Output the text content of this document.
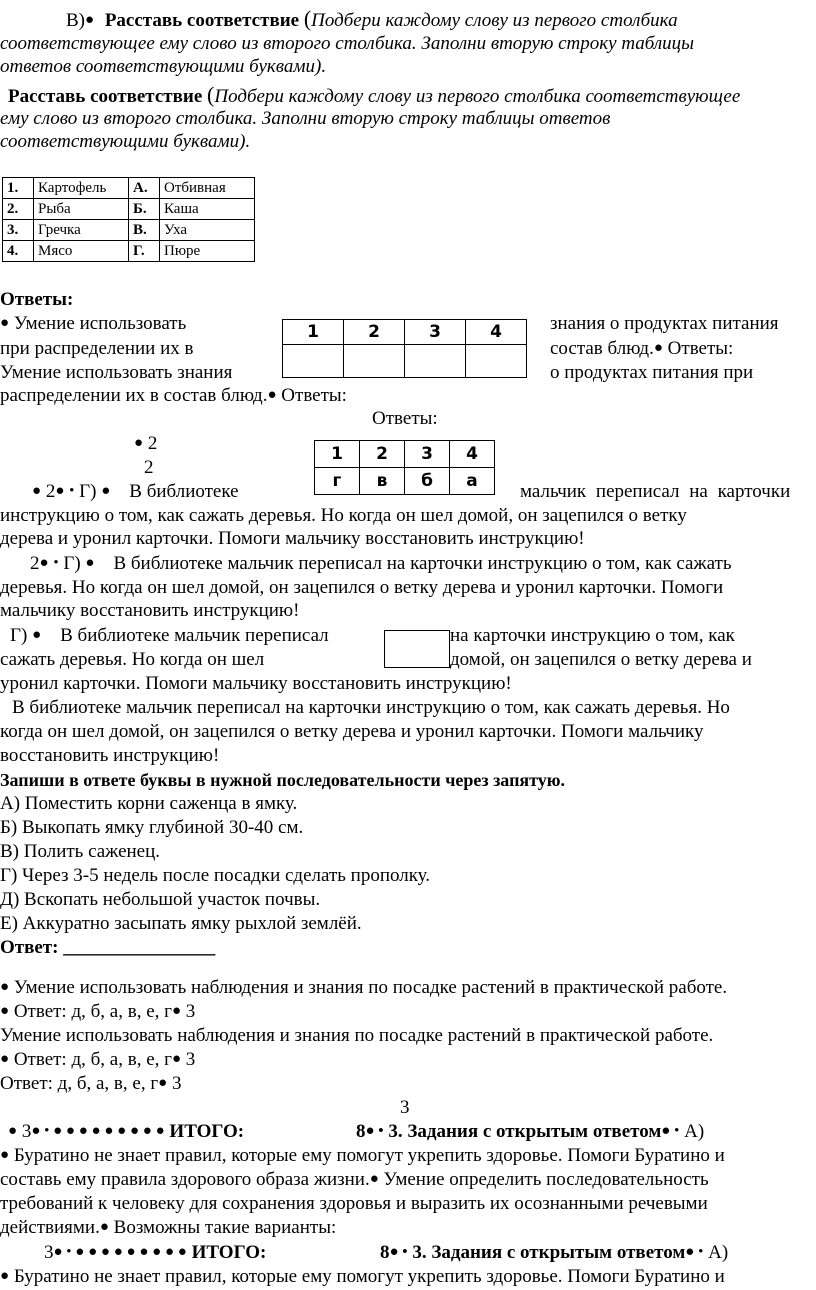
В)● Расставь соответствие (Подбери каждому слову из первого столбика
соответствующее ему слово из второго столбика. Заполни вторую строку таблицы
ответов соответствующими буквами).
Расставь соответствие (Подбери каждому слову из первого столбика соответствующее
ему слово из второго столбика. Заполни вторую строку таблицы ответов
соответствующими буквами).
1.	Картофель	А.	Отбивная
2.	Рыба	Б.	Каша
3.	Гречка	В.	Уха
4.	Мясо	Г.	Пюре
Ответы:
● Умение использовать	знания о продуктах питания
при распределении их в	состав блюд.● Ответы:
Умение использовать знания	о продуктах питания при
распределении их в состав блюд.● Ответы:
1	2	3	4

Ответы:
● 2
2
1	2	3	4
г	в	б	а
● 2● • Г) ● В библиотеке	мальчик переписал на карточки
инструкцию о том, как сажать деревья. Но когда он шел домой, он зацепился о ветку
дерева и уронил карточки. Помоги мальчику восстановить инструкцию!
2● • Г) ● В библиотеке мальчик переписал на карточки инструкцию о том, как сажать
деревья. Но когда он шел домой, он зацепился о ветку дерева и уронил карточки. Помоги
мальчику восстановить инструкцию!
Г) ● В библиотеке мальчик переписал	на карточки инструкцию о том, как
сажать деревья. Но когда он шел	домой, он зацепился о ветку дерева и
уронил карточки. Помоги мальчику восстановить инструкцию!
В библиотеке мальчик переписал на карточки инструкцию о том, как сажать деревья. Но
когда он шел домой, он зацепился о ветку дерева и уронил карточки. Помоги мальчику
восстановить инструкцию!
Запиши в ответе буквы в нужной последовательности через запятую.
А) Поместить корни саженца в ямку.
Б) Выкопать ямку глубиной 30-40 см.
В) Полить саженец.
Г) Через 3-5 недель после посадки сделать прополку.
Д) Вскопать небольшой участок почвы.
Е) Аккуратно засыпать ямку рыхлой землёй.
Ответ: ________________
● Умение использовать наблюдения и знания по посадке растений в практической работе.
● Ответ: д, б, а, в, е, г● 3
Умение использовать наблюдения и знания по посадке растений в практической работе.
● Ответ: д, б, а, в, е, г● 3
Ответ: д, б, а, в, е, г● 3
3
● 3● • ● ● ● ● ● ● ● ● ● ИТОГО:	8● • 3. Задания с открытым ответом● • А)
● Буратино не знает правил, которые ему помогут укрепить здоровье. Помоги Буратино и
составь ему правила здорового образа жизни.● Умение определить последовательность
требований к человеку для сохранения здоровья и выразить их осознанными речевыми
действиями.● Возможны такие варианты:
3● • ● ● ● ● ● ● ● ● ● ИТОГО:	8● • 3. Задания с открытым ответом● • А)
● Буратино не знает правил, которые ему помогут укрепить здоровье. Помоги Буратино и
